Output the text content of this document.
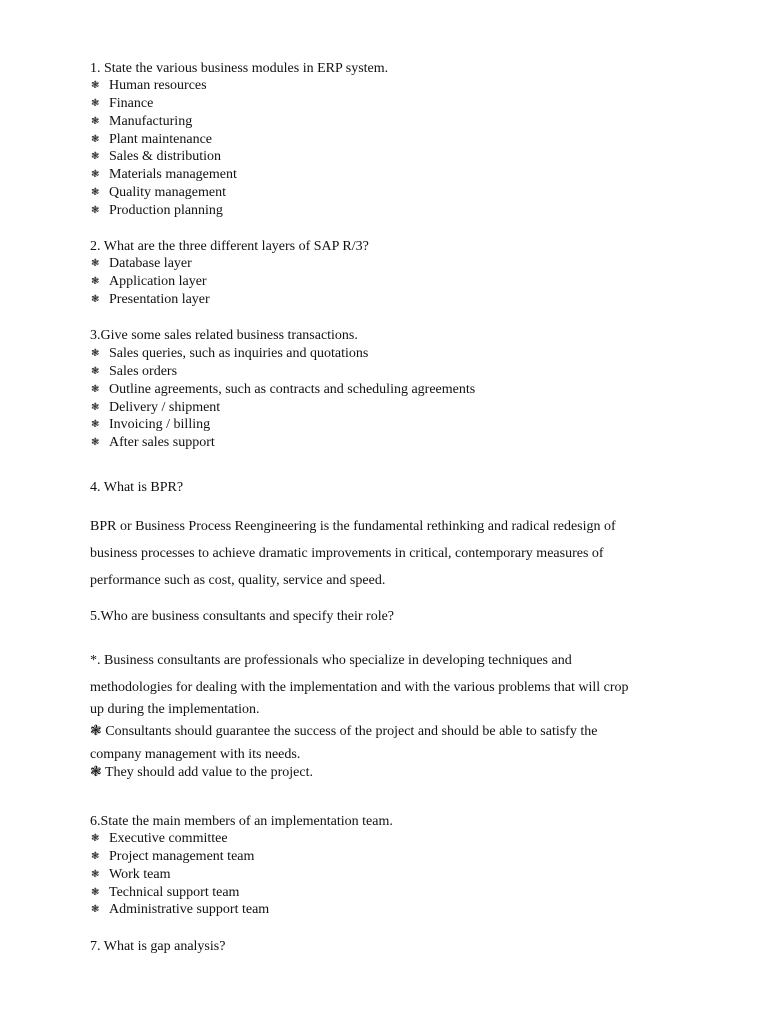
1. State the various business modules in ERP system.
❃ Human resources
❃ Finance
❃ Manufacturing
❃ Plant maintenance
❃ Sales & distribution
❃ Materials management
❃ Quality management
❃ Production planning
2. What are the three different layers of SAP R/3?
❃ Database layer
❃ Application layer
❃ Presentation layer
3.Give some sales related business transactions.
❃ Sales queries, such as inquiries and quotations
❃ Sales orders
❃ Outline agreements, such as contracts and scheduling agreements
❃ Delivery / shipment
❃ Invoicing / billing
❃ After sales support
4. What is BPR?
BPR or Business Process Reengineering is the fundamental rethinking and radical redesign of
business processes to achieve dramatic improvements in critical, contemporary measures of
performance such as cost, quality, service and speed.
5.Who are business consultants and specify their role?
*. Business consultants are professionals who specialize in developing techniques and
methodologies for dealing with the implementation and with the various problems that will crop
up during the implementation.
❃ Consultants should guarantee the success of the project and should be able to satisfy the
company management with its needs.
❃ They should add value to the project.
6.State the main members of an implementation team.
❃ Executive committee
❃ Project management team
❃ Work team
❃ Technical support team
❃ Administrative support team
7. What is gap analysis?
